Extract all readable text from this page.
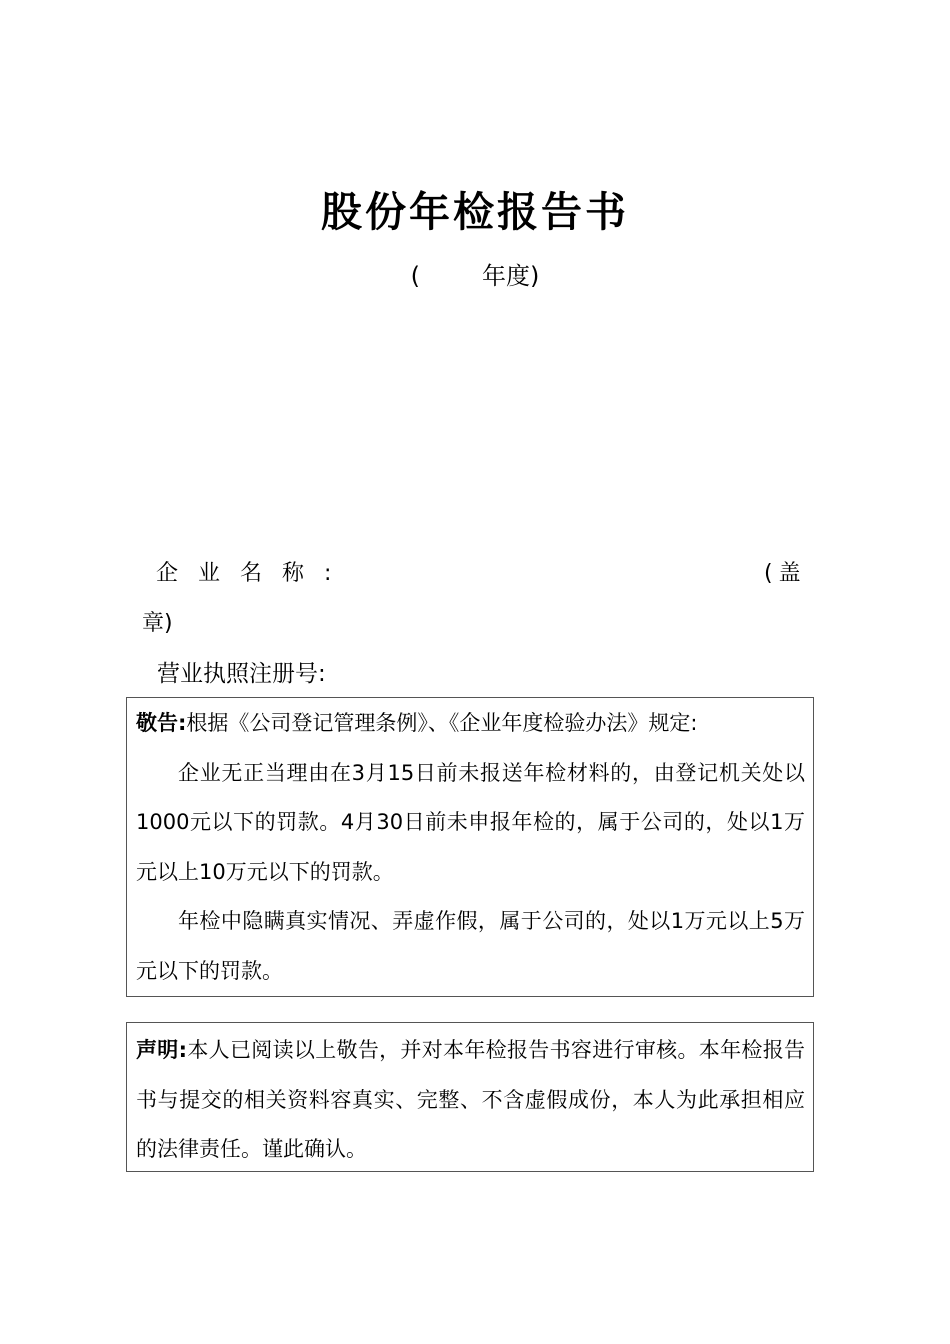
股份年检报告书
(	年度)
企业名称:	(盖
章)
营业执照注册号:

敬告:根据《公司登记管理条例》、《企业年度检验办法》规定:

企业无正当理由在3月15日前未报送年检材料的，由登记机关处以1000元以下的罚款。4月30日前未申报年检的，属于公司的，处以1万元以上10万元以下的罚款。

年检中隐瞒真实情况、弄虚作假，属于公司的，处以1万元以上5万元以下的罚款。

声明:本人已阅读以上敬告，并对本年检报告书容进行审核。本年检报告书与提交的相关资料容真实、完整、不含虚假成份，本人为此承担相应的法律责任。谨此确认。
